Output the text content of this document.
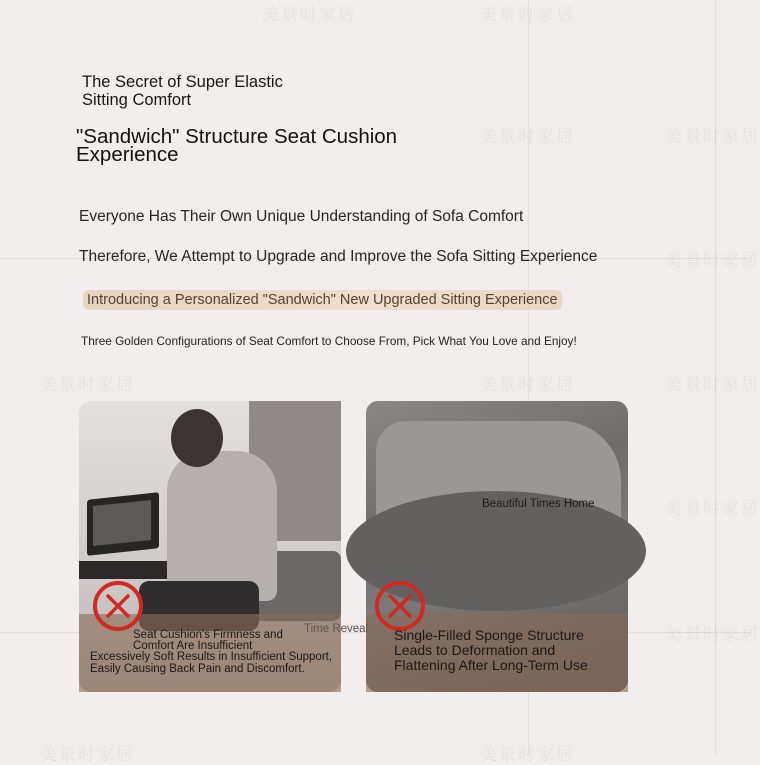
美景时家居	美景时家居
美景时家居	美景时家居
美景时家居
美景时家居	美景时家居
美景时家居
美景时家居
美景时家居
美景时家居	美景时家居
The Secret of Super Elastic Sitting Comfort
"Sandwich" Structure Seat Cushion Experience
Everyone Has Their Own Unique Understanding of Sofa Comfort
Therefore, We Attempt to Upgrade and Improve the Sofa Sitting Experience
Introducing a Personalized "Sandwich" New Upgraded Sitting Experience
Three Golden Configurations of Seat Comfort to Choose From, Pick What You Love and Enjoy!
Seat Cushion's Firmness and Comfort Are Insufficient
Excessively Soft Results in Insufficient Support, Easily Causing Back Pain and Discomfort.
Beautiful Times Home
Single-Filled Sponge Structure Leads to Deformation and Flattening After Long-Term Use
Time Reveal
